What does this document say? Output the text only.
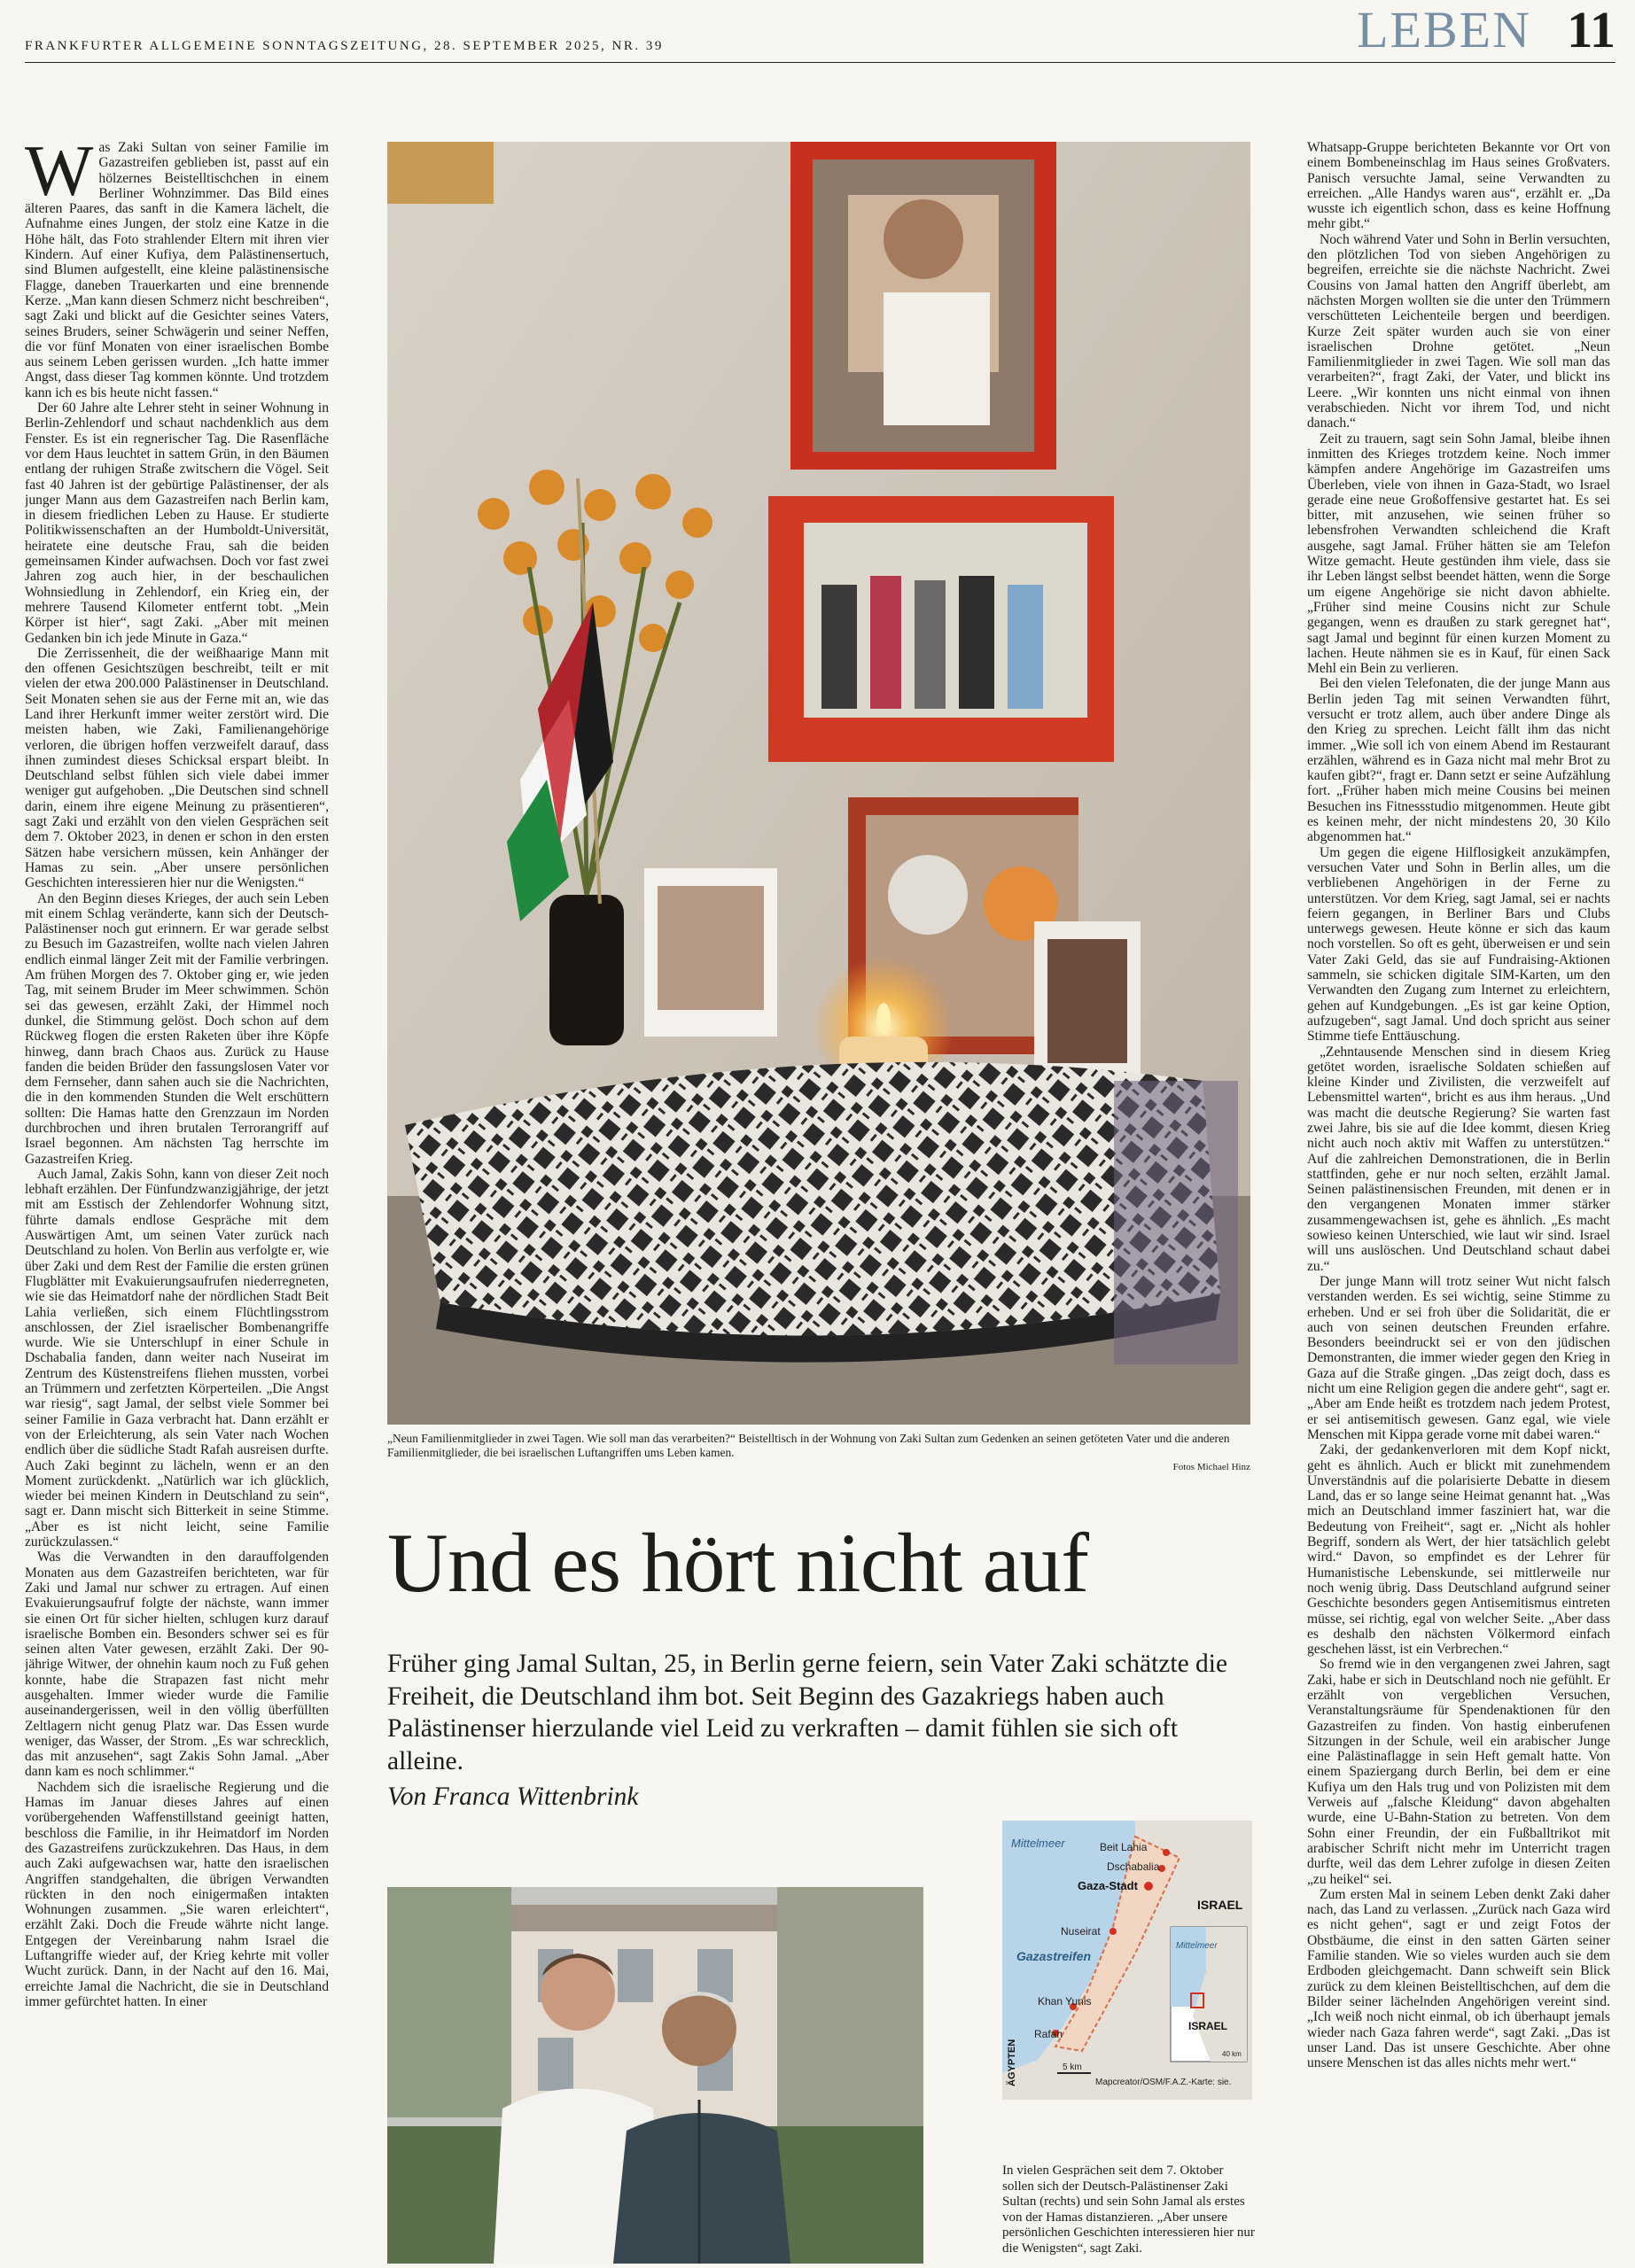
FRANKFURTER ALLGEMEINE SONNTAGSZEITUNG, 28. SEPTEMBER 2025, NR. 39	LEBEN 11

Was Zaki Sultan von seiner Familie im Gazastreifen geblieben ist, passt auf ein hölzernes Beistelltischchen in einem Berliner Wohnzimmer. Das Bild eines älteren Paares, das sanft in die Kamera lächelt, die Aufnahme eines Jungen, der stolz eine Katze in die Höhe hält, das Foto strahlender Eltern mit ihren vier Kindern. Auf einer Kufiya, dem Palästinensertuch, sind Blumen aufgestellt, eine kleine palästinensische Flagge, daneben Trauerkarten und eine brennende Kerze. „Man kann diesen Schmerz nicht beschreiben“, sagt Zaki und blickt auf die Gesichter seines Vaters, seines Bruders, seiner Schwägerin und seiner Neffen, die vor fünf Monaten von einer israelischen Bombe aus seinem Leben gerissen wurden. „Ich hatte immer Angst, dass dieser Tag kommen könnte. Und trotzdem kann ich es bis heute nicht fassen.“

Der 60 Jahre alte Lehrer steht in seiner Wohnung in Berlin-Zehlendorf und schaut nachdenklich aus dem Fenster. Es ist ein regnerischer Tag. Die Rasenfläche vor dem Haus leuchtet in sattem Grün, in den Bäumen entlang der ruhigen Straße zwitschern die Vögel. Seit fast 40 Jahren ist der gebürtige Palästinenser, der als junger Mann aus dem Gazastreifen nach Berlin kam, in diesem friedlichen Leben zu Hause. Er studierte Politikwissenschaften an der Humboldt-Universität, heiratete eine deutsche Frau, sah die beiden gemeinsamen Kinder aufwachsen. Doch vor fast zwei Jahren zog auch hier, in der beschaulichen Wohnsiedlung in Zehlendorf, ein Krieg ein, der mehrere Tausend Kilometer entfernt tobt. „Mein Körper ist hier“, sagt Zaki. „Aber mit meinen Gedanken bin ich jede Minute in Gaza.“

Die Zerrissenheit, die der weißhaarige Mann mit den offenen Gesichtszügen beschreibt, teilt er mit vielen der etwa 200.000 Palästinenser in Deutschland. Seit Monaten sehen sie aus der Ferne mit an, wie das Land ihrer Herkunft immer weiter zerstört wird. Die meisten haben, wie Zaki, Familienangehörige verloren, die übrigen hoffen verzweifelt darauf, dass ihnen zumindest dieses Schicksal erspart bleibt. In Deutschland selbst fühlen sich viele dabei immer weniger gut aufgehoben. „Die Deutschen sind schnell darin, einem ihre eigene Meinung zu präsentieren“, sagt Zaki und erzählt von den vielen Gesprächen seit dem 7. Oktober 2023, in denen er schon in den ersten Sätzen habe versichern müssen, kein Anhänger der Hamas zu sein. „Aber unsere persönlichen Geschichten interessieren hier nur die Wenigsten.“

An den Beginn dieses Krieges, der auch sein Leben mit einem Schlag veränderte, kann sich der Deutsch-Palästinenser noch gut erinnern. Er war gerade selbst zu Besuch im Gazastreifen, wollte nach vielen Jahren endlich einmal länger Zeit mit der Familie verbringen. Am frühen Morgen des 7. Oktober ging er, wie jeden Tag, mit seinem Bruder im Meer schwimmen. Schön sei das gewesen, erzählt Zaki, der Himmel noch dunkel, die Stimmung gelöst. Doch schon auf dem Rückweg flogen die ersten Raketen über ihre Köpfe hinweg, dann brach Chaos aus. Zurück zu Hause fanden die beiden Brüder den fassungslosen Vater vor dem Fernseher, dann sahen auch sie die Nachrichten, die in den kommenden Stunden die Welt erschüttern sollten: Die Hamas hatte den Grenzzaun im Norden durchbrochen und ihren brutalen Terrorangriff auf Israel begonnen. Am nächsten Tag herrschte im Gazastreifen Krieg.

Auch Jamal, Zakis Sohn, kann von dieser Zeit noch lebhaft erzählen. Der Fünfundzwanzigjährige, der jetzt mit am Esstisch der Zehlendorfer Wohnung sitzt, führte damals endlose Gespräche mit dem Auswärtigen Amt, um seinen Vater zurück nach Deutschland zu holen. Von Berlin aus verfolgte er, wie über Zaki und dem Rest der Familie die ersten grünen Flugblätter mit Evakuierungsaufrufen niederregneten, wie sie das Heimatdorf nahe der nördlichen Stadt Beit Lahia verließen, sich einem Flüchtlingsstrom anschlossen, der Ziel israelischer Bombenangriffe wurde. Wie sie Unterschlupf in einer Schule in Dschabalia fanden, dann weiter nach Nuseirat im Zentrum des Küstenstreifens fliehen mussten, vorbei an Trümmern und zerfetzten Körperteilen. „Die Angst war riesig“, sagt Jamal, der selbst viele Sommer bei seiner Familie in Gaza verbracht hat. Dann erzählt er von der Erleichterung, als sein Vater nach Wochen endlich über die südliche Stadt Rafah ausreisen durfte. Auch Zaki beginnt zu lächeln, wenn er an den Moment zurückdenkt. „Natürlich war ich glücklich, wieder bei meinen Kindern in Deutschland zu sein“, sagt er. Dann mischt sich Bitterkeit in seine Stimme. „Aber es ist nicht leicht, seine Familie zurückzulassen.“

Was die Verwandten in den darauffolgenden Monaten aus dem Gazastreifen berichteten, war für Zaki und Jamal nur schwer zu ertragen. Auf einen Evakuierungsaufruf folgte der nächste, wann immer sie einen Ort für sicher hielten, schlugen kurz darauf israelische Bomben ein. Besonders schwer sei es für seinen alten Vater gewesen, erzählt Zaki. Der 90-jährige Witwer, der ohnehin kaum noch zu Fuß gehen konnte, habe die Strapazen fast nicht mehr ausgehalten. Immer wieder wurde die Familie auseinandergerissen, weil in den völlig überfüllten Zeltlagern nicht genug Platz war. Das Essen wurde weniger, das Wasser, der Strom. „Es war schrecklich, das mit anzusehen“, sagt Zakis Sohn Jamal. „Aber dann kam es noch schlimmer.“

Nachdem sich die israelische Regierung und die Hamas im Januar dieses Jahres auf einen vorübergehenden Waffenstillstand geeinigt hatten, beschloss die Familie, in ihr Heimatdorf im Norden des Gazastreifens zurückzukehren. Das Haus, in dem auch Zaki aufgewachsen war, hatte den israelischen Angriffen standgehalten, die übrigen Verwandten rückten in den noch einigermaßen intakten Wohnungen zusammen. „Sie waren erleichtert“, erzählt Zaki. Doch die Freude währte nicht lange. Entgegen der Vereinbarung nahm Israel die Luftangriffe wieder auf, der Krieg kehrte mit voller Wucht zurück. Dann, in der Nacht auf den 16. Mai, erreichte Jamal die Nachricht, die sie in Deutschland immer gefürchtet hatten. In einer

„Neun Familienmitglieder in zwei Tagen. Wie soll man das verarbeiten?“ Beistelltisch in der Wohnung von Zaki Sultan zum Gedenken an seinen getöteten Vater und die anderen Familienmitglieder, die bei israelischen Luftangriffen ums Leben kamen.
Fotos Michael Hinz
Und es hört nicht auf
Früher ging Jamal Sultan, 25, in Berlin gerne feiern, sein Vater Zaki schätzte die Freiheit, die Deutschland ihm bot. Seit Beginn des Gazakriegs haben auch Palästinenser hierzulande viel Leid zu verkraften – damit fühlen sie sich oft alleine.
Von Franca Wittenbrink
Mittelmeer	Beit Lahia
Dschabalia
Gaza-Stadt
Nuseirat
Gazastreifen
Khan Yunis
Rafah
ISRAEL
ÄGYPTEN
Mittelmeer
ISRAEL
40 km
5 km
Mapcreator/OSM/F.A.Z.-Karte: sie.
In vielen Gesprächen seit dem 7. Oktober sollen sich der Deutsch-Palästinenser Zaki Sultan (rechts) und sein Sohn Jamal als erstes von der Hamas distanzieren. „Aber unsere persönlichen Geschichten interessieren hier nur die Wenigsten“, sagt Zaki.

Whatsapp-Gruppe berichteten Bekannte vor Ort von einem Bombeneinschlag im Haus seines Großvaters. Panisch versuchte Jamal, seine Verwandten zu erreichen. „Alle Handys waren aus“, erzählt er. „Da wusste ich eigentlich schon, dass es keine Hoffnung mehr gibt.“

Noch während Vater und Sohn in Berlin versuchten, den plötzlichen Tod von sieben Angehörigen zu begreifen, erreichte sie die nächste Nachricht. Zwei Cousins von Jamal hatten den Angriff überlebt, am nächsten Morgen wollten sie die unter den Trümmern verschütteten Leichenteile bergen und beerdigen. Kurze Zeit später wurden auch sie von einer israelischen Drohne getötet. „Neun Familienmitglieder in zwei Tagen. Wie soll man das verarbeiten?“, fragt Zaki, der Vater, und blickt ins Leere. „Wir konnten uns nicht einmal von ihnen verabschieden. Nicht vor ihrem Tod, und nicht danach.“

Zeit zu trauern, sagt sein Sohn Jamal, bleibe ihnen inmitten des Krieges trotzdem keine. Noch immer kämpfen andere Angehörige im Gazastreifen ums Überleben, viele von ihnen in Gaza-Stadt, wo Israel gerade eine neue Großoffensive gestartet hat. Es sei bitter, mit anzusehen, wie seinen früher so lebensfrohen Verwandten schleichend die Kraft ausgehe, sagt Jamal. Früher hätten sie am Telefon Witze gemacht. Heute gestünden ihm viele, dass sie ihr Leben längst selbst beendet hätten, wenn die Sorge um eigene Angehörige sie nicht davon abhielte. „Früher sind meine Cousins nicht zur Schule gegangen, wenn es draußen zu stark geregnet hat“, sagt Jamal und beginnt für einen kurzen Moment zu lachen. Heute nähmen sie es in Kauf, für einen Sack Mehl ein Bein zu verlieren.

Bei den vielen Telefonaten, die der junge Mann aus Berlin jeden Tag mit seinen Verwandten führt, versucht er trotz allem, auch über andere Dinge als den Krieg zu sprechen. Leicht fällt ihm das nicht immer. „Wie soll ich von einem Abend im Restaurant erzählen, während es in Gaza nicht mal mehr Brot zu kaufen gibt?“, fragt er. Dann setzt er seine Aufzählung fort. „Früher haben mich meine Cousins bei meinen Besuchen ins Fitnessstudio mitgenommen. Heute gibt es keinen mehr, der nicht mindestens 20, 30 Kilo abgenommen hat.“

Um gegen die eigene Hilflosigkeit anzukämpfen, versuchen Vater und Sohn in Berlin alles, um die verbliebenen Angehörigen in der Ferne zu unterstützen. Vor dem Krieg, sagt Jamal, sei er nachts feiern gegangen, in Berliner Bars und Clubs unterwegs gewesen. Heute könne er sich das kaum noch vorstellen. So oft es geht, überweisen er und sein Vater Zaki Geld, das sie auf Fundraising-Aktionen sammeln, sie schicken digitale SIM-Karten, um den Verwandten den Zugang zum Internet zu erleichtern, gehen auf Kundgebungen. „Es ist gar keine Option, aufzugeben“, sagt Jamal. Und doch spricht aus seiner Stimme tiefe Enttäuschung.

„Zehntausende Menschen sind in diesem Krieg getötet worden, israelische Soldaten schießen auf kleine Kinder und Zivilisten, die verzweifelt auf Lebensmittel warten“, bricht es aus ihm heraus. „Und was macht die deutsche Regierung? Sie warten fast zwei Jahre, bis sie auf die Idee kommt, diesen Krieg nicht auch noch aktiv mit Waffen zu unterstützen.“ Auf die zahlreichen Demonstrationen, die in Berlin stattfinden, gehe er nur noch selten, erzählt Jamal. Seinen palästinensischen Freunden, mit denen er in den vergangenen Monaten immer stärker zusammengewachsen ist, gehe es ähnlich. „Es macht sowieso keinen Unterschied, wie laut wir sind. Israel will uns auslöschen. Und Deutschland schaut dabei zu.“

Der junge Mann will trotz seiner Wut nicht falsch verstanden werden. Es sei wichtig, seine Stimme zu erheben. Und er sei froh über die Solidarität, die er auch von seinen deutschen Freunden erfahre. Besonders beeindruckt sei er von den jüdischen Demonstranten, die immer wieder gegen den Krieg in Gaza auf die Straße gingen. „Das zeigt doch, dass es nicht um eine Religion gegen die andere geht“, sagt er. „Aber am Ende heißt es trotzdem nach jedem Protest, er sei antisemitisch gewesen. Ganz egal, wie viele Menschen mit Kippa gerade vorne mit dabei waren.“

Zaki, der gedankenverloren mit dem Kopf nickt, geht es ähnlich. Auch er blickt mit zunehmendem Unverständnis auf die polarisierte Debatte in diesem Land, das er so lange seine Heimat genannt hat. „Was mich an Deutschland immer fasziniert hat, war die Bedeutung von Freiheit“, sagt er. „Nicht als hohler Begriff, sondern als Wert, der hier tatsächlich gelebt wird.“ Davon, so empfindet es der Lehrer für Humanistische Lebenskunde, sei mittlerweile nur noch wenig übrig. Dass Deutschland aufgrund seiner Geschichte besonders gegen Antisemitismus eintreten müsse, sei richtig, egal von welcher Seite. „Aber dass es deshalb den nächsten Völkermord einfach geschehen lässt, ist ein Verbrechen.“

So fremd wie in den vergangenen zwei Jahren, sagt Zaki, habe er sich in Deutschland noch nie gefühlt. Er erzählt von vergeblichen Versuchen, Veranstaltungsräume für Spendenaktionen für den Gazastreifen zu finden. Von hastig einberufenen Sitzungen in der Schule, weil ein arabischer Junge eine Palästinaflagge in sein Heft gemalt hatte. Von einem Spaziergang durch Berlin, bei dem er eine Kufiya um den Hals trug und von Polizisten mit dem Verweis auf „falsche Kleidung“ davon abgehalten wurde, eine U-Bahn-Station zu betreten. Von dem Sohn einer Freundin, der ein Fußballtrikot mit arabischer Schrift nicht mehr im Unterricht tragen durfte, weil das dem Lehrer zufolge in diesen Zeiten „zu heikel“ sei.

Zum ersten Mal in seinem Leben denkt Zaki daher nach, das Land zu verlassen. „Zurück nach Gaza wird es nicht gehen“, sagt er und zeigt Fotos der Obstbäume, die einst in den satten Gärten seiner Familie standen. Wie so vieles wurden auch sie dem Erdboden gleichgemacht. Dann schweift sein Blick zurück zu dem kleinen Beistelltischchen, auf dem die Bilder seiner lächelnden Angehörigen vereint sind. „Ich weiß noch nicht einmal, ob ich überhaupt jemals wieder nach Gaza fahren werde“, sagt Zaki. „Das ist unser Land. Das ist unsere Geschichte. Aber ohne unsere Menschen ist das alles nichts mehr wert.“
